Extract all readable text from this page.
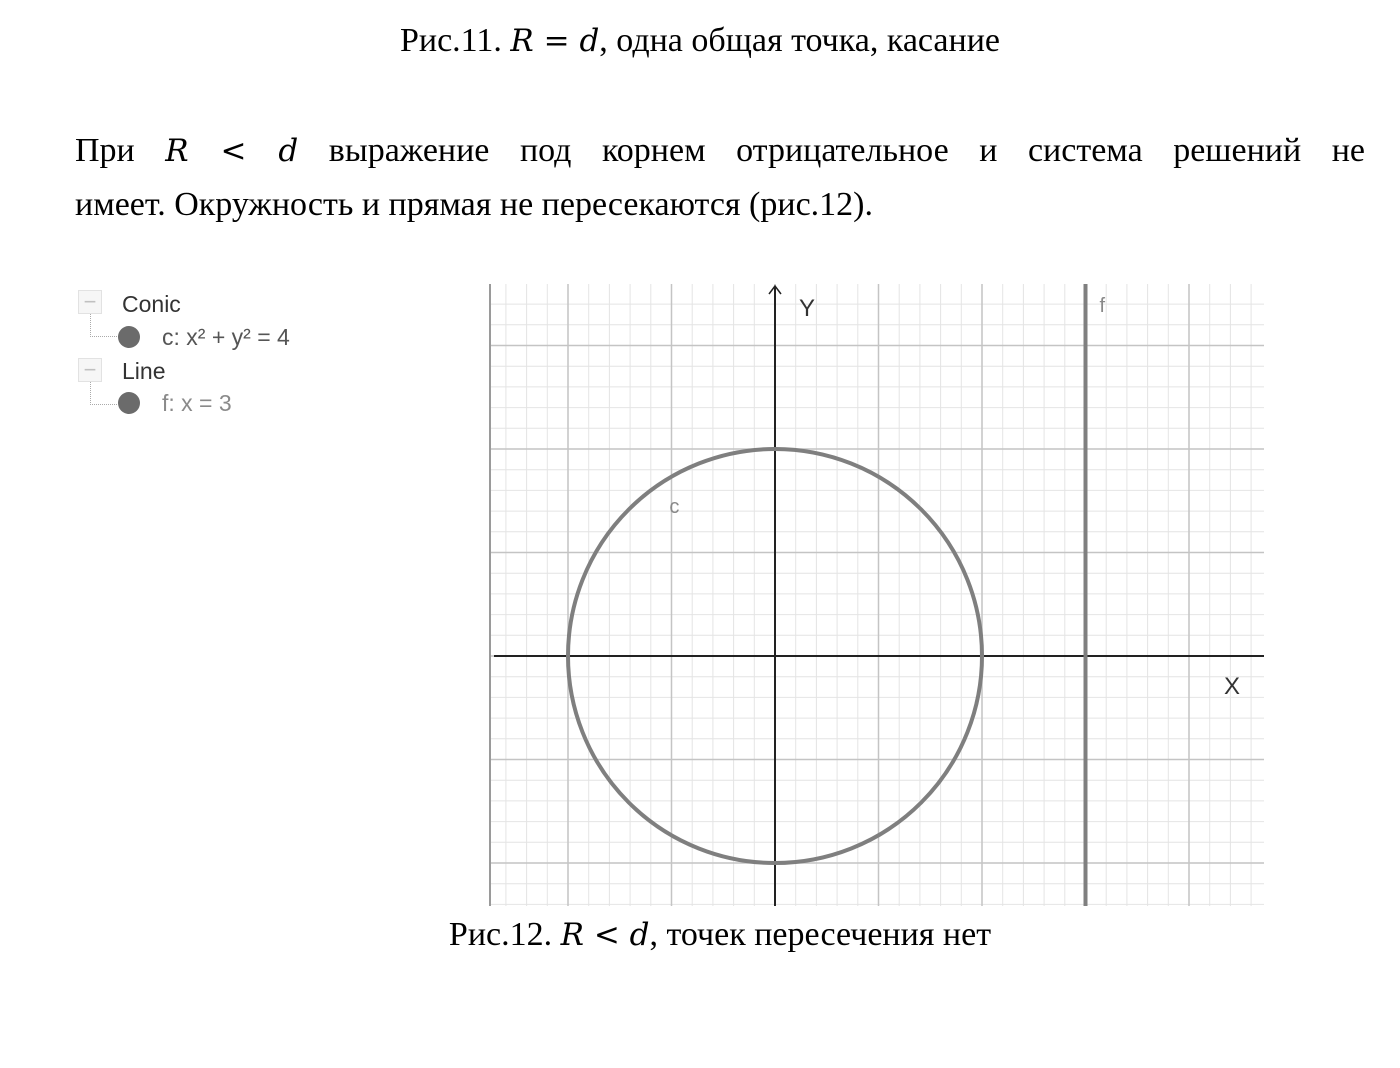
Рис.11. R = d, одна общая точка, касание
При R < d выражение под корнем отрицательное и система решений не
имеет. Окружность и прямая не пересекаются (рис.12).
− Conic
c: x² + y² = 4
− Line
f: x = 3
Y
X
c
f
Рис.12. R < d, точек пересечения нет
